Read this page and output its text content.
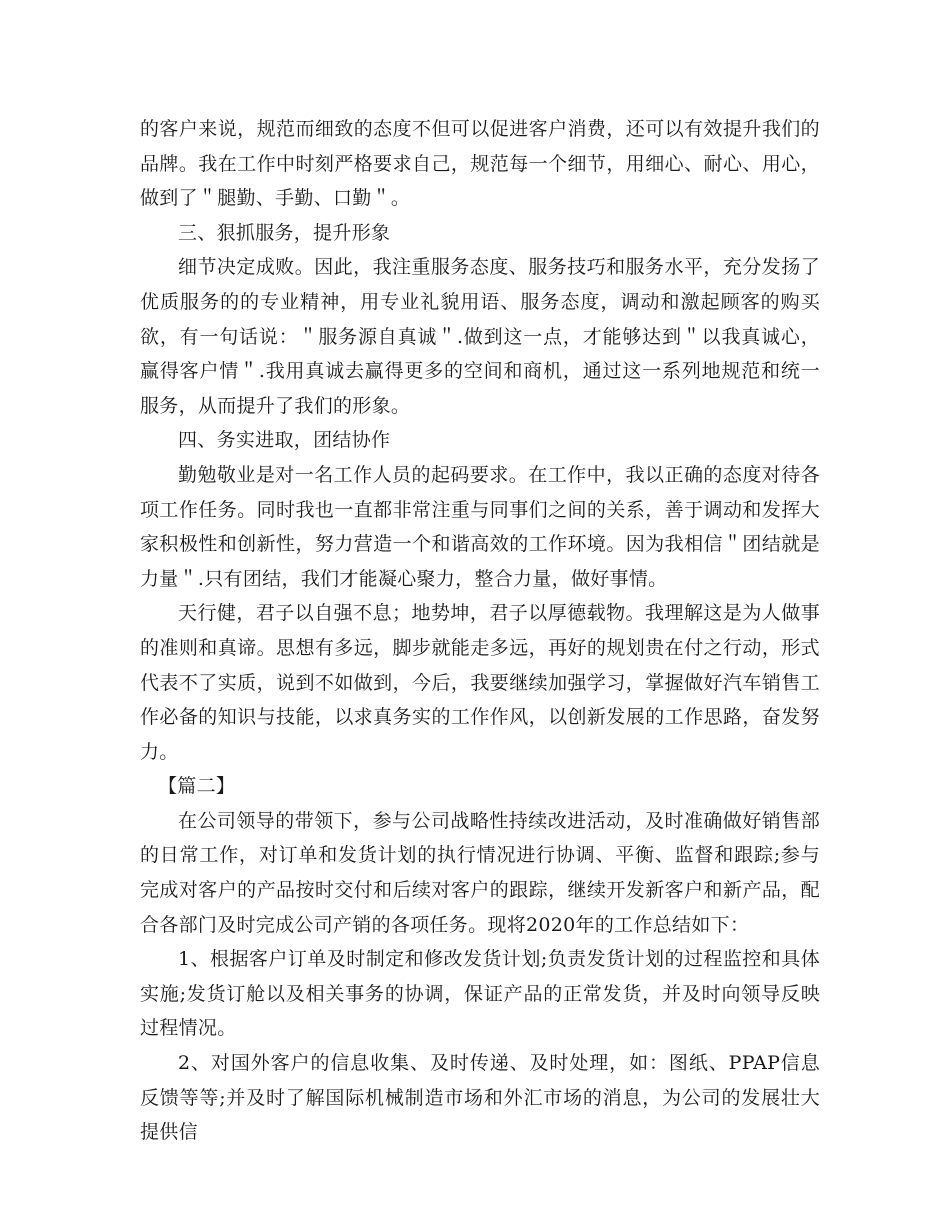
的客户来说，规范而细致的态度不但可以促进客户消费，还可以有效提升我们的品牌。我在工作中时刻严格要求自己，规范每一个细节，用细心、耐心、用心，做到了＂腿勤、手勤、口勤＂。

三、狠抓服务，提升形象

细节决定成败。因此，我注重服务态度、服务技巧和服务水平，充分发扬了优质服务的的专业精神，用专业礼貌用语、服务态度，调动和激起顾客的购买欲，有一句话说：＂服务源自真诚＂.做到这一点，才能够达到＂以我真诚心，赢得客户情＂.我用真诚去赢得更多的空间和商机，通过这一系列地规范和统一服务，从而提升了我们的形象。

四、务实进取，团结协作

勤勉敬业是对一名工作人员的起码要求。在工作中，我以正确的态度对待各项工作任务。同时我也一直都非常注重与同事们之间的关系，善于调动和发挥大家积极性和创新性，努力营造一个和谐高效的工作环境。因为我相信＂团结就是力量＂.只有团结，我们才能凝心聚力，整合力量，做好事情。

天行健，君子以自强不息；地势坤，君子以厚德载物。我理解这是为人做事的准则和真谛。思想有多远，脚步就能走多远，再好的规划贵在付之行动，形式代表不了实质，说到不如做到，今后，我要继续加强学习，掌握做好汽车销售工作必备的知识与技能，以求真务实的工作作风，以创新发展的工作思路，奋发努力。

【篇二】

在公司领导的带领下，参与公司战略性持续改进活动，及时准确做好销售部的日常工作，对订单和发货计划的执行情况进行协调、平衡、监督和跟踪;参与完成对客户的产品按时交付和后续对客户的跟踪，继续开发新客户和新产品，配合各部门及时完成公司产销的各项任务。现将2020年的工作总结如下：

1、根据客户订单及时制定和修改发货计划;负责发货计划的过程监控和具体实施;发货订舱以及相关事务的协调，保证产品的正常发货，并及时向领导反映过程情况。

2、对国外客户的信息收集、及时传递、及时处理，如：图纸、PPAP信息反馈等等;并及时了解国际机械制造市场和外汇市场的消息，为公司的发展壮大提供信
